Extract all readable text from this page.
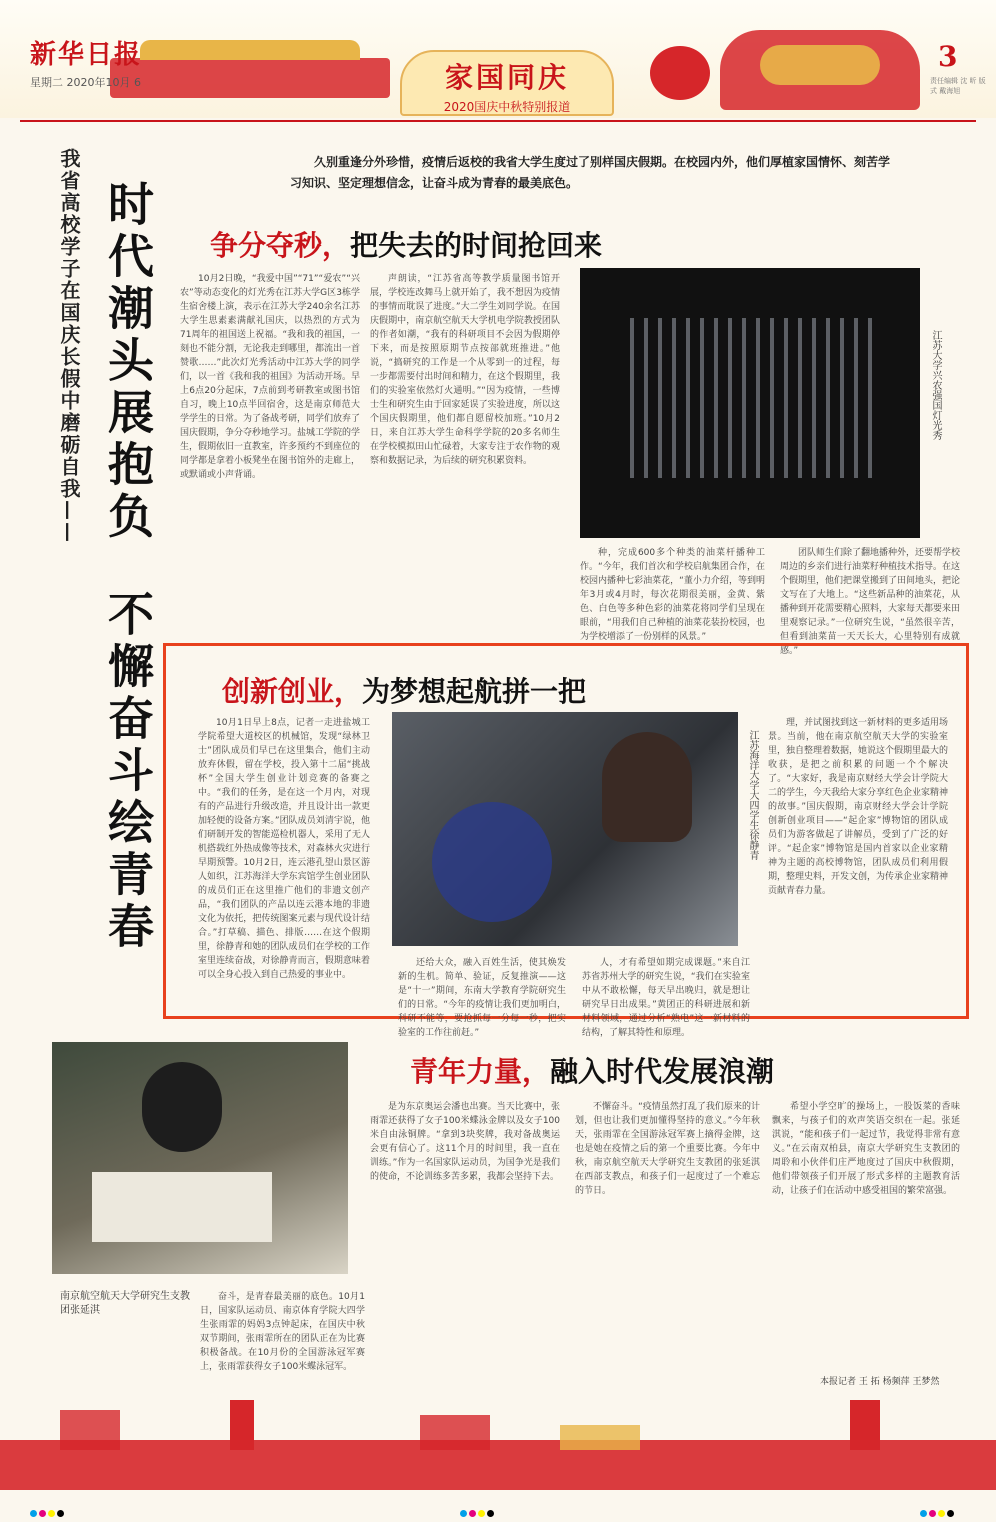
新华日报
星期二 2020年10月 6	家国同庆
2020国庆中秋特别报道
3
责任编辑 沈 昕 版 式 戴海旭
我省高校学子在国庆长假中磨砺自我—— 时代潮头展抱负
不懈奋斗绘青春
久别重逢分外珍惜，疫情后返校的我省大学生度过了别样国庆假期。在校园内外，他们厚植家国情怀、刻苦学习知识、坚定理想信念，让奋斗成为青春的最美底色。
争分夺秒，把失去的时间抢回来

10月2日晚，“我爱中国”“71”“爱农”“兴农”等动态变化的灯光秀在江苏大学G区3栋学生宿舍楼上演，表示在江苏大学240余名江苏大学生思素素满献礼国庆，以热烈的方式为71周年的祖国送上祝福。“我和我的祖国，一刻也不能分割，无论我走到哪里，都流出一首赞歌……”此次灯光秀活动中江苏大学的同学们，以一首《我和我的祖国》为活动开场。早上6点20分起床，7点前到考研教室或图书馆自习，晚上10点半回宿舍，这是南京师范大学学生的日常。为了备战考研，同学们放弃了国庆假期，争分夺秒地学习。盐城工学院的学生，假期依旧一直教室，许多预约不到座位的同学都是拿着小板凳坐在图书馆外的走廊上，或默诵或小声背诵。

声朗读，“江苏省高等教学质量图书馆开展，学校连改舞马上就开始了，我不想因为疫情的事情而耽误了进度。”大二学生刘同学说。在国庆假期中，南京航空航天大学机电学院教授团队的作者如潮，“我有的科研项目不会因为假期停下来，而是按照原期节点按部就班推进。”他说，“搞研究的工作是一个从零到一的过程，每一步都需要付出时间和精力，在这个假期里，我们的实验室依然灯火通明。”“因为疫情，一些博士生和研究生由于回家延误了实验进度，所以这个国庆假期里，他们都自愿留校加班。”10月2日，来自江苏大学生命科学学院的20多名师生在学校模拟田山忙碌着，大家专注于农作物的观察和数据记录，为后续的研究积累资料。

江苏大学兴农强国灯光秀

种，完成600多个种类的油菜杆播种工作。“今年，我们首次和学校启航集团合作，在校园内播种七彩油菜花，“董小力介绍，等到明年3月或4月时，每次花期很美丽，金黄、紫色、白色等多种色彩的油菜花将同学们呈现在眼前，“用我们自己种植的油菜花装扮校园，也为学校增添了一份别样的风景。”

团队师生们除了翻地播种外，还要帮学校周边的乡亲们进行油菜籽种植技术指导。在这个假期里，他们把课堂搬到了田间地头，把论文写在了大地上。“这些新品种的油菜花，从播种到开花需要精心照料，大家每天都要来田里观察记录。”一位研究生说，“虽然很辛苦，但看到油菜苗一天天长大，心里特别有成就感。”

创新创业，为梦想起航拼一把

10月1日早上8点，记者一走进盐城工学院希望大道校区的机械馆，发现“绿林卫士”团队成员们早已在这里集合，他们主动放弃休假，留在学校，投入第十二届“挑战杯”全国大学生创业计划竞赛的备赛之中。“我们的任务，是在这一个月内，对现有的产品进行升级改造，并且设计出一款更加轻便的设备方案。”团队成员刘清宇说，他们研制开发的智能巡检机器人，采用了无人机搭载红外热成像等技术，对森林火灾进行早期预警。10月2日，连云港孔望山景区游人如织，江苏海洋大学东宾馆学生创业团队的成员们正在这里推广他们的非遗文创产品，“我们团队的产品以连云港本地的非遗文化为依托，把传统图案元素与现代设计结合。”打草稿、描色、排版……在这个假期里，徐静青和她的团队成员们在学校的工作室里连续奋战，对徐静青而言，假期意味着可以全身心投入到自己热爱的事业中。

江苏海洋大学大四学生徐静青

还给大众，融入百姓生活，使其焕发新的生机。简单、验证，反复推演——这是“十一”期间，东南大学教育学院研究生们的日常。“今年的疫情让我们更加明白，科研不能等，要抢抓每一分每一秒，把实验室的工作往前赶。”

人，才有希望如期完成课题。”来自江苏省苏州大学的研究生说，“我们在实验室中从不敢松懈，每天早出晚归，就是想让研究早日出成果。”黄团正的科研进展和新材料领域，通过分析“熟电”这一新材料的结构，了解其特性和原理。

理，并试图找到这一新材料的更多适用场景。当前，他在南京航空航天大学的实验室里，独自整理着数据，她说这个假期里最大的收获，是把之前积累的问题一个个解决了。“大家好，我是南京财经大学会计学院大二的学生，今天我给大家分享红色企业家精神的故事。”国庆假期，南京财经大学会计学院创新创业项目——“起企家”博物馆的团队成员们为游客做起了讲解员，受到了广泛的好评。“起企家”博物馆是国内首家以企业家精神为主题的高校博物馆，团队成员们利用假期，整理史料，开发文创，为传承企业家精神贡献青春力量。

南京航空航天大学研究生支教团张延淇
青年力量，融入时代发展浪潮

奋斗，是青春最美丽的底色。10月1日，国家队运动员、南京体育学院大四学生张雨霏的妈妈3点钟起床，在国庆中秋双节期间，张雨霏所在的团队正在为比赛积极备战。在10月份的全国游泳冠军赛上，张雨霏获得女子100米蝶泳冠军。

是为东京奥运会潘也出赛。当天比赛中，张雨霏还获得了女子100米蝶泳金牌以及女子100米自由泳铜牌。“拿到3块奖牌，我对备战奥运会更有信心了。这11个月的时间里，我一直在训练。”作为一名国家队运动员，为国争光是我们的使命，不论训练多苦多累，我都会坚持下去。

不懈奋斗。“疫情虽然打乱了我们原来的计划，但也让我们更加懂得坚持的意义。”今年秋天，张雨霏在全国游泳冠军赛上摘得金牌，这也是她在疫情之后的第一个重要比赛。今年中秋，南京航空航天大学研究生支教团的张延淇在西部支教点，和孩子们一起度过了一个难忘的节日。

希望小学空旷的操场上，一股饭菜的香味飘来，与孩子们的欢声笑语交织在一起。张延淇说，“能和孩子们一起过节，我觉得非常有意义。”在云南双柏县，南京大学研究生支教团的周聆和小伙伴们庄严地度过了国庆中秋假期，他们带领孩子们开展了形式多样的主题教育活动，让孩子们在活动中感受祖国的繁荣富强。

本报记者 王 拓 杨频萍 王梦然
